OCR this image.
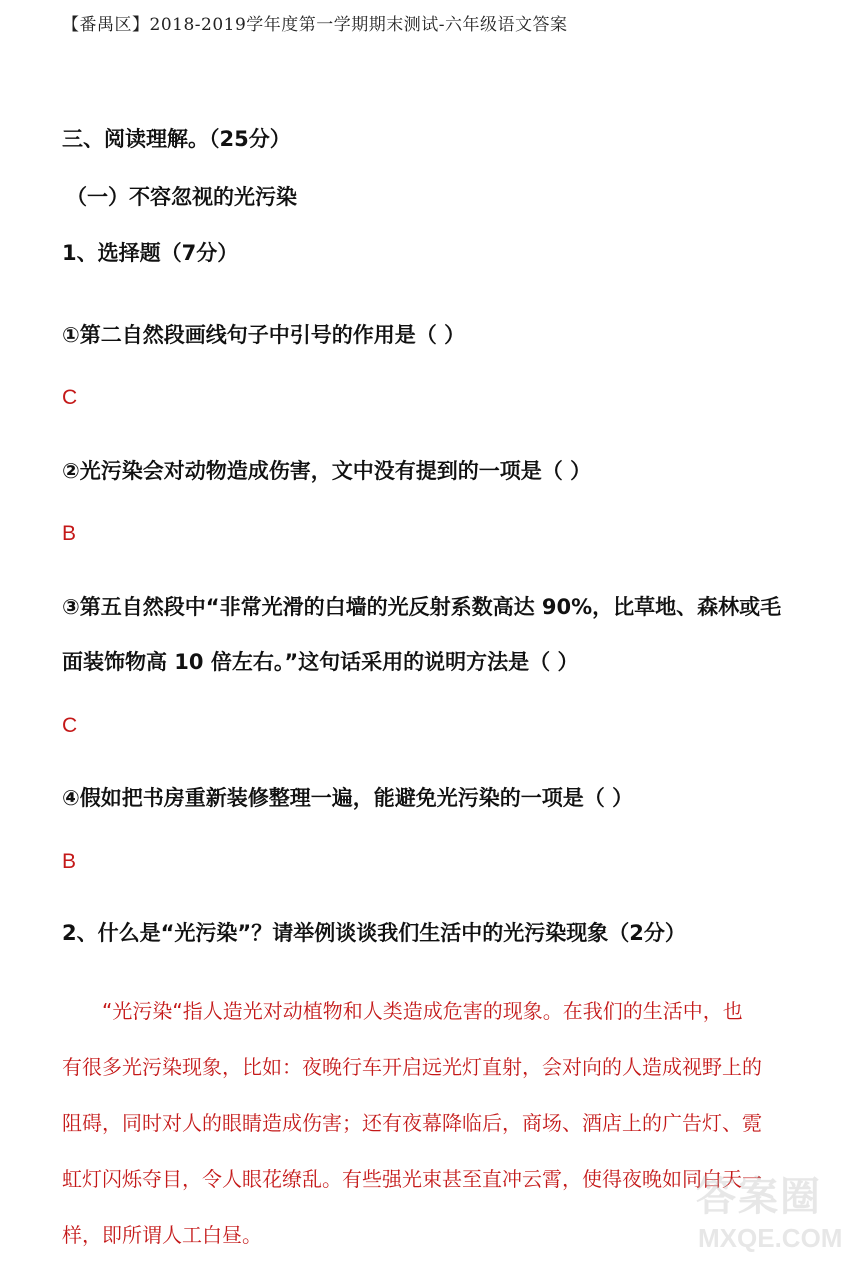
【番禺区】2018-2019学年度第一学期期末测试-六年级语文答案
三、阅读理解。（25分）
（一）不容忽视的光污染
1、选择题（7分）
①第二自然段画线句子中引号的作用是（ ）
C
②光污染会对动物造成伤害，文中没有提到的一项是（ ）
B
③第五自然段中“非常光滑的白墙的光反射系数高达 90%，比草地、森林或毛
面装饰物高 10 倍左右。”这句话采用的说明方法是（ ）
C
④假如把书房重新装修整理一遍，能避免光污染的一项是（ ）
B
2、什么是“光污染”？请举例谈谈我们生活中的光污染现象（2分）
“光污染“指人造光对动植物和人类造成危害的现象。在我们的生活中，也
有很多光污染现象，比如：夜晚行车开启远光灯直射，会对向的人造成视野上的
阻碍，同时对人的眼睛造成伤害；还有夜幕降临后，商场、酒店上的广告灯、霓
虹灯闪烁夺目，令人眼花缭乱。有些强光束甚至直冲云霄，使得夜晚如同白天一
样，即所谓人工白昼。
答案圈
MXQE.COM
